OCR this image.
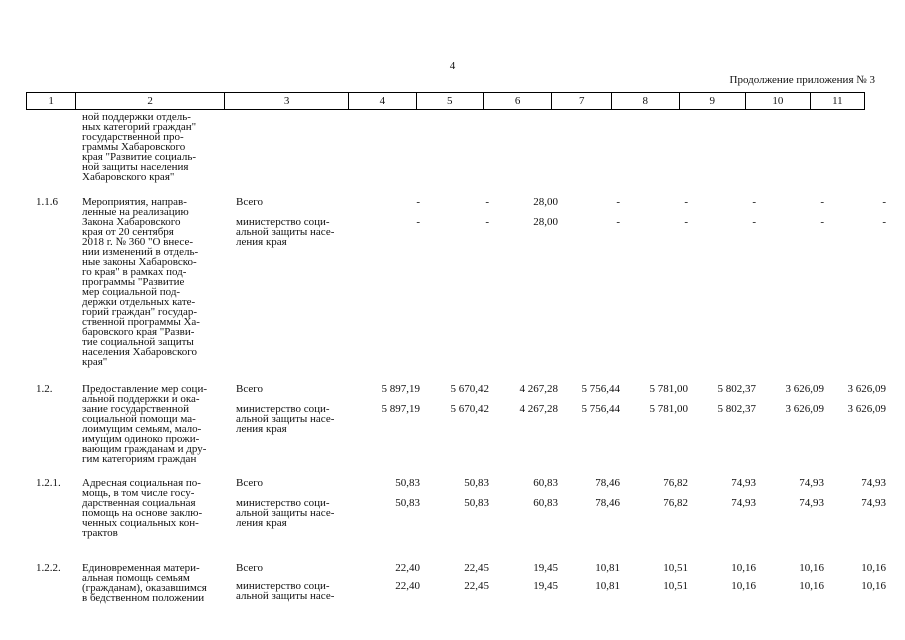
4
Продолжение приложения № 3
1	2	3	4	5	6	7	8	9	10	11
ной поддержки отдель-
ных категорий граждан"
государственной про-
граммы Хабаровского
края "Развитие социаль-
ной защиты населения
Хабаровского края"
1.1.6 Мероприятия, направ-
ленные на реализацию
Закона Хабаровского
края от 20 сентября
2018 г. № 360 "О внесе-
нии изменений в отдель-
ные законы Хабаровско-
го края" в рамках под-
программы "Развитие
мер социальной под-
держки отдельных кате-
горий граждан" государ-
ственной программы Ха-
баровского края "Разви-
тие социальной защиты
населения Хабаровского
края"
Всего	-	-	28,00	-	-	-	-	-
министерство соци-
альной защиты насе-
ления края
-	-	28,00	-	-	-	-	-
1.2.	Предоставление мер соци-
альной поддержки и ока-
зание государственной
социальной помощи ма-
лоимущим семьям, мало-
имущим одиноко прожи-
вающим гражданам и дру-
гим категориям граждан
Всего	5 897,19	5 670,42	4 267,28	5 756,44	5 781,00	5 802,37	3 626,09	3 626,09
министерство соци-
альной защиты насе-
ления края
5 897,19	5 670,42	4 267,28	5 756,44	5 781,00	5 802,37	3 626,09	3 626,09
1.2.1. Адресная социальная по-
мощь, в том числе госу-
дарственная социальная
помощь на основе заклю-
ченных социальных кон-
трактов
Всего	50,83	50,83	60,83	78,46	76,82	74,93	74,93	74,93
министерство соци-
альной защиты насе-
ления края
50,83	50,83	60,83	78,46	76,82	74,93	74,93	74,93
1.2.2. Единовременная матери-
альная помощь семьям
(гражданам), оказавшимся
в бедственном положении
Всего	22,40	22,45	19,45	10,81	10,51	10,16	10,16	10,16
министерство соци-
альной защиты насе-
22,40	22,45	19,45	10,81	10,51	10,16	10,16	10,16
